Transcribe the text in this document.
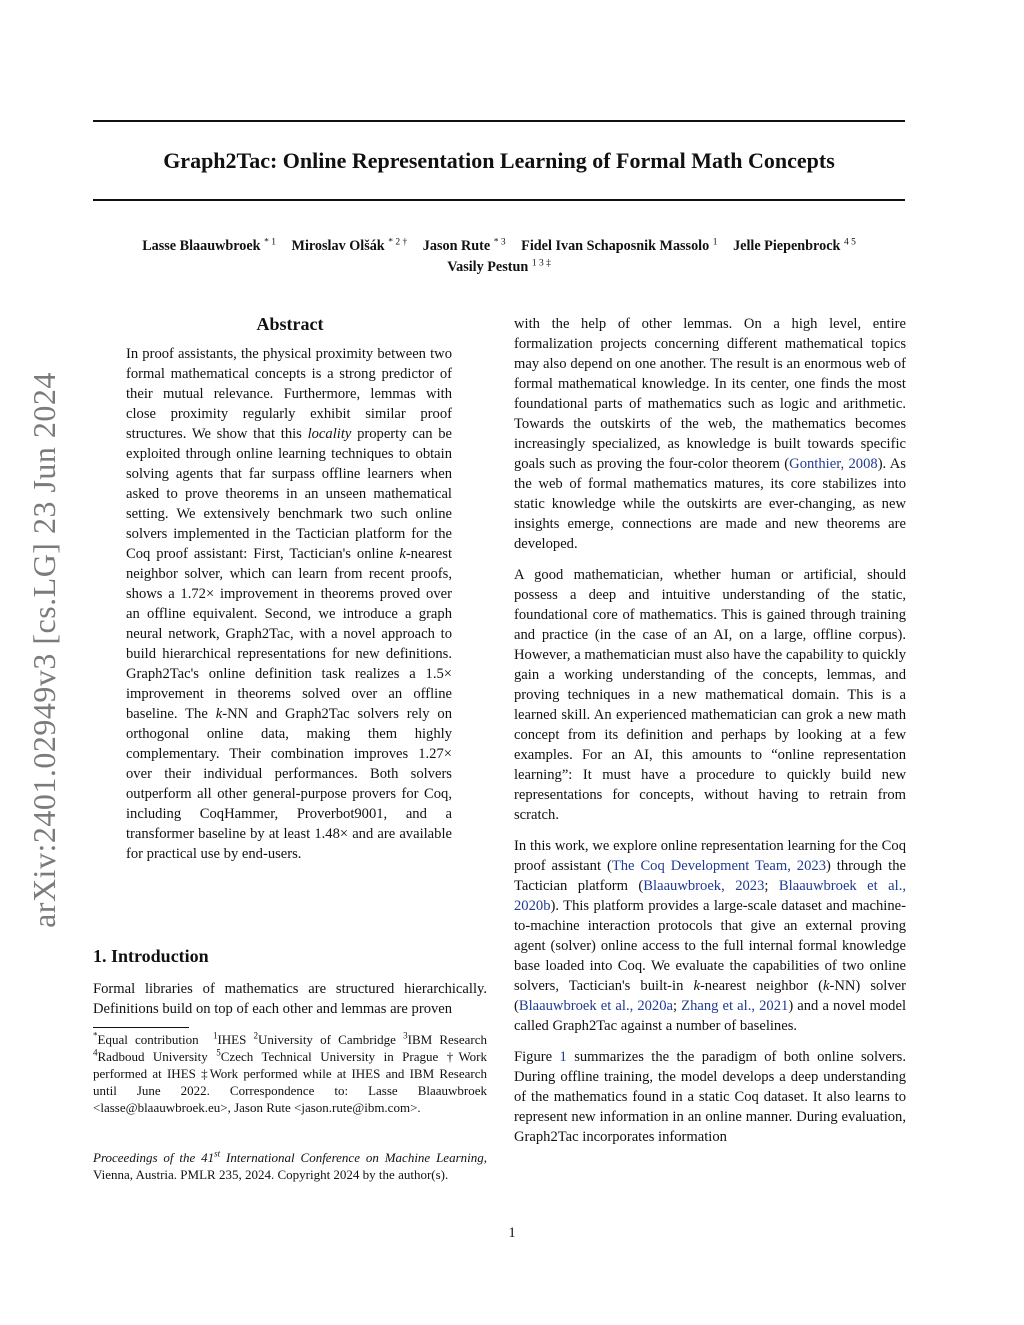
Graph2Tac: Online Representation Learning of Formal Math Concepts
Lasse Blaauwbroek $^{* 1}$ Miroslav Olšák $^{* 2 \dagger}$ Jason Rute $^{* 3}$ Fidel Ivan Schaposnik Massolo $^1$ Jelle Piepenbrock $^{4 5}$
Vasily Pestun $^{1 3 \ddagger}$
arXiv:2401.02949v3 [cs.LG] 23 Jun 2024
Abstract
In proof assistants, the physical proximity between two formal mathematical concepts is a strong predictor of their mutual relevance. Furthermore, lemmas with close proximity regularly exhibit similar proof structures. We show that this locality property can be exploited through online learning techniques to obtain solving agents that far surpass offline learners when asked to prove theorems in an unseen mathematical setting. We extensively benchmark two such online solvers implemented in the Tactician platform for the Coq proof assistant: First, Tactician's online k-nearest neighbor solver, which can learn from recent proofs, shows a 1.72× improvement in theorems proved over an offline equivalent. Second, we introduce a graph neural network, Graph2Tac, with a novel approach to build hierarchical representations for new definitions. Graph2Tac's online definition task realizes a 1.5× improvement in theorems solved over an offline baseline. The k-NN and Graph2Tac solvers rely on orthogonal online data, making them highly complementary. Their combination improves 1.27× over their individual performances. Both solvers outperform all other general-purpose provers for Coq, including CoqHammer, Proverbot9001, and a transformer baseline by at least 1.48× and are available for practical use by end-users.
1. Introduction
Formal libraries of mathematics are structured hierarchically. Definitions build on top of each other and lemmas are proven
*Equal contribution $^1$IHES $^2$University of Cambridge $^3$IBM Research $^4$Radboud University $^5$Czech Technical University in Prague †Work performed at IHES ‡Work performed while at IHES and IBM Research until June 2022. Correspondence to: Lasse Blaauwbroek <lasse@blaauwbroek.eu>, Jason Rute <jason.rute@ibm.com>.
Proceedings of the 41st International Conference on Machine Learning, Vienna, Austria. PMLR 235, 2024. Copyright 2024 by the author(s).

with the help of other lemmas. On a high level, entire formalization projects concerning different mathematical topics may also depend on one another. The result is an enormous web of formal mathematical knowledge. In its center, one finds the most foundational parts of mathematics such as logic and arithmetic. Towards the outskirts of the web, the mathematics becomes increasingly specialized, as knowledge is built towards specific goals such as proving the four-color theorem (Gonthier, 2008). As the web of formal mathematics matures, its core stabilizes into static knowledge while the outskirts are ever-changing, as new insights emerge, connections are made and new theorems are developed.

A good mathematician, whether human or artificial, should possess a deep and intuitive understanding of the static, foundational core of mathematics. This is gained through training and practice (in the case of an AI, on a large, offline corpus). However, a mathematician must also have the capability to quickly gain a working understanding of the concepts, lemmas, and proving techniques in a new mathematical domain. This is a learned skill. An experienced mathematician can grok a new math concept from its definition and perhaps by looking at a few examples. For an AI, this amounts to “online representation learning”: It must have a procedure to quickly build new representations for concepts, without having to retrain from scratch.

In this work, we explore online representation learning for the Coq proof assistant (The Coq Development Team, 2023) through the Tactician platform (Blaauwbroek, 2023; Blaauwbroek et al., 2020b). This platform provides a large-scale dataset and machine-to-machine interaction protocols that give an external proving agent (solver) online access to the full internal formal knowledge base loaded into Coq. We evaluate the capabilities of two online solvers, Tactician's built-in k-nearest neighbor (k-NN) solver (Blaauwbroek et al., 2020a; Zhang et al., 2021) and a novel model called Graph2Tac against a number of baselines.

Figure 1 summarizes the the paradigm of both online solvers. During offline training, the model develops a deep understanding of the mathematics found in a static Coq dataset. It also learns to represent new information in an online manner. During evaluation, Graph2Tac incorporates information

1
